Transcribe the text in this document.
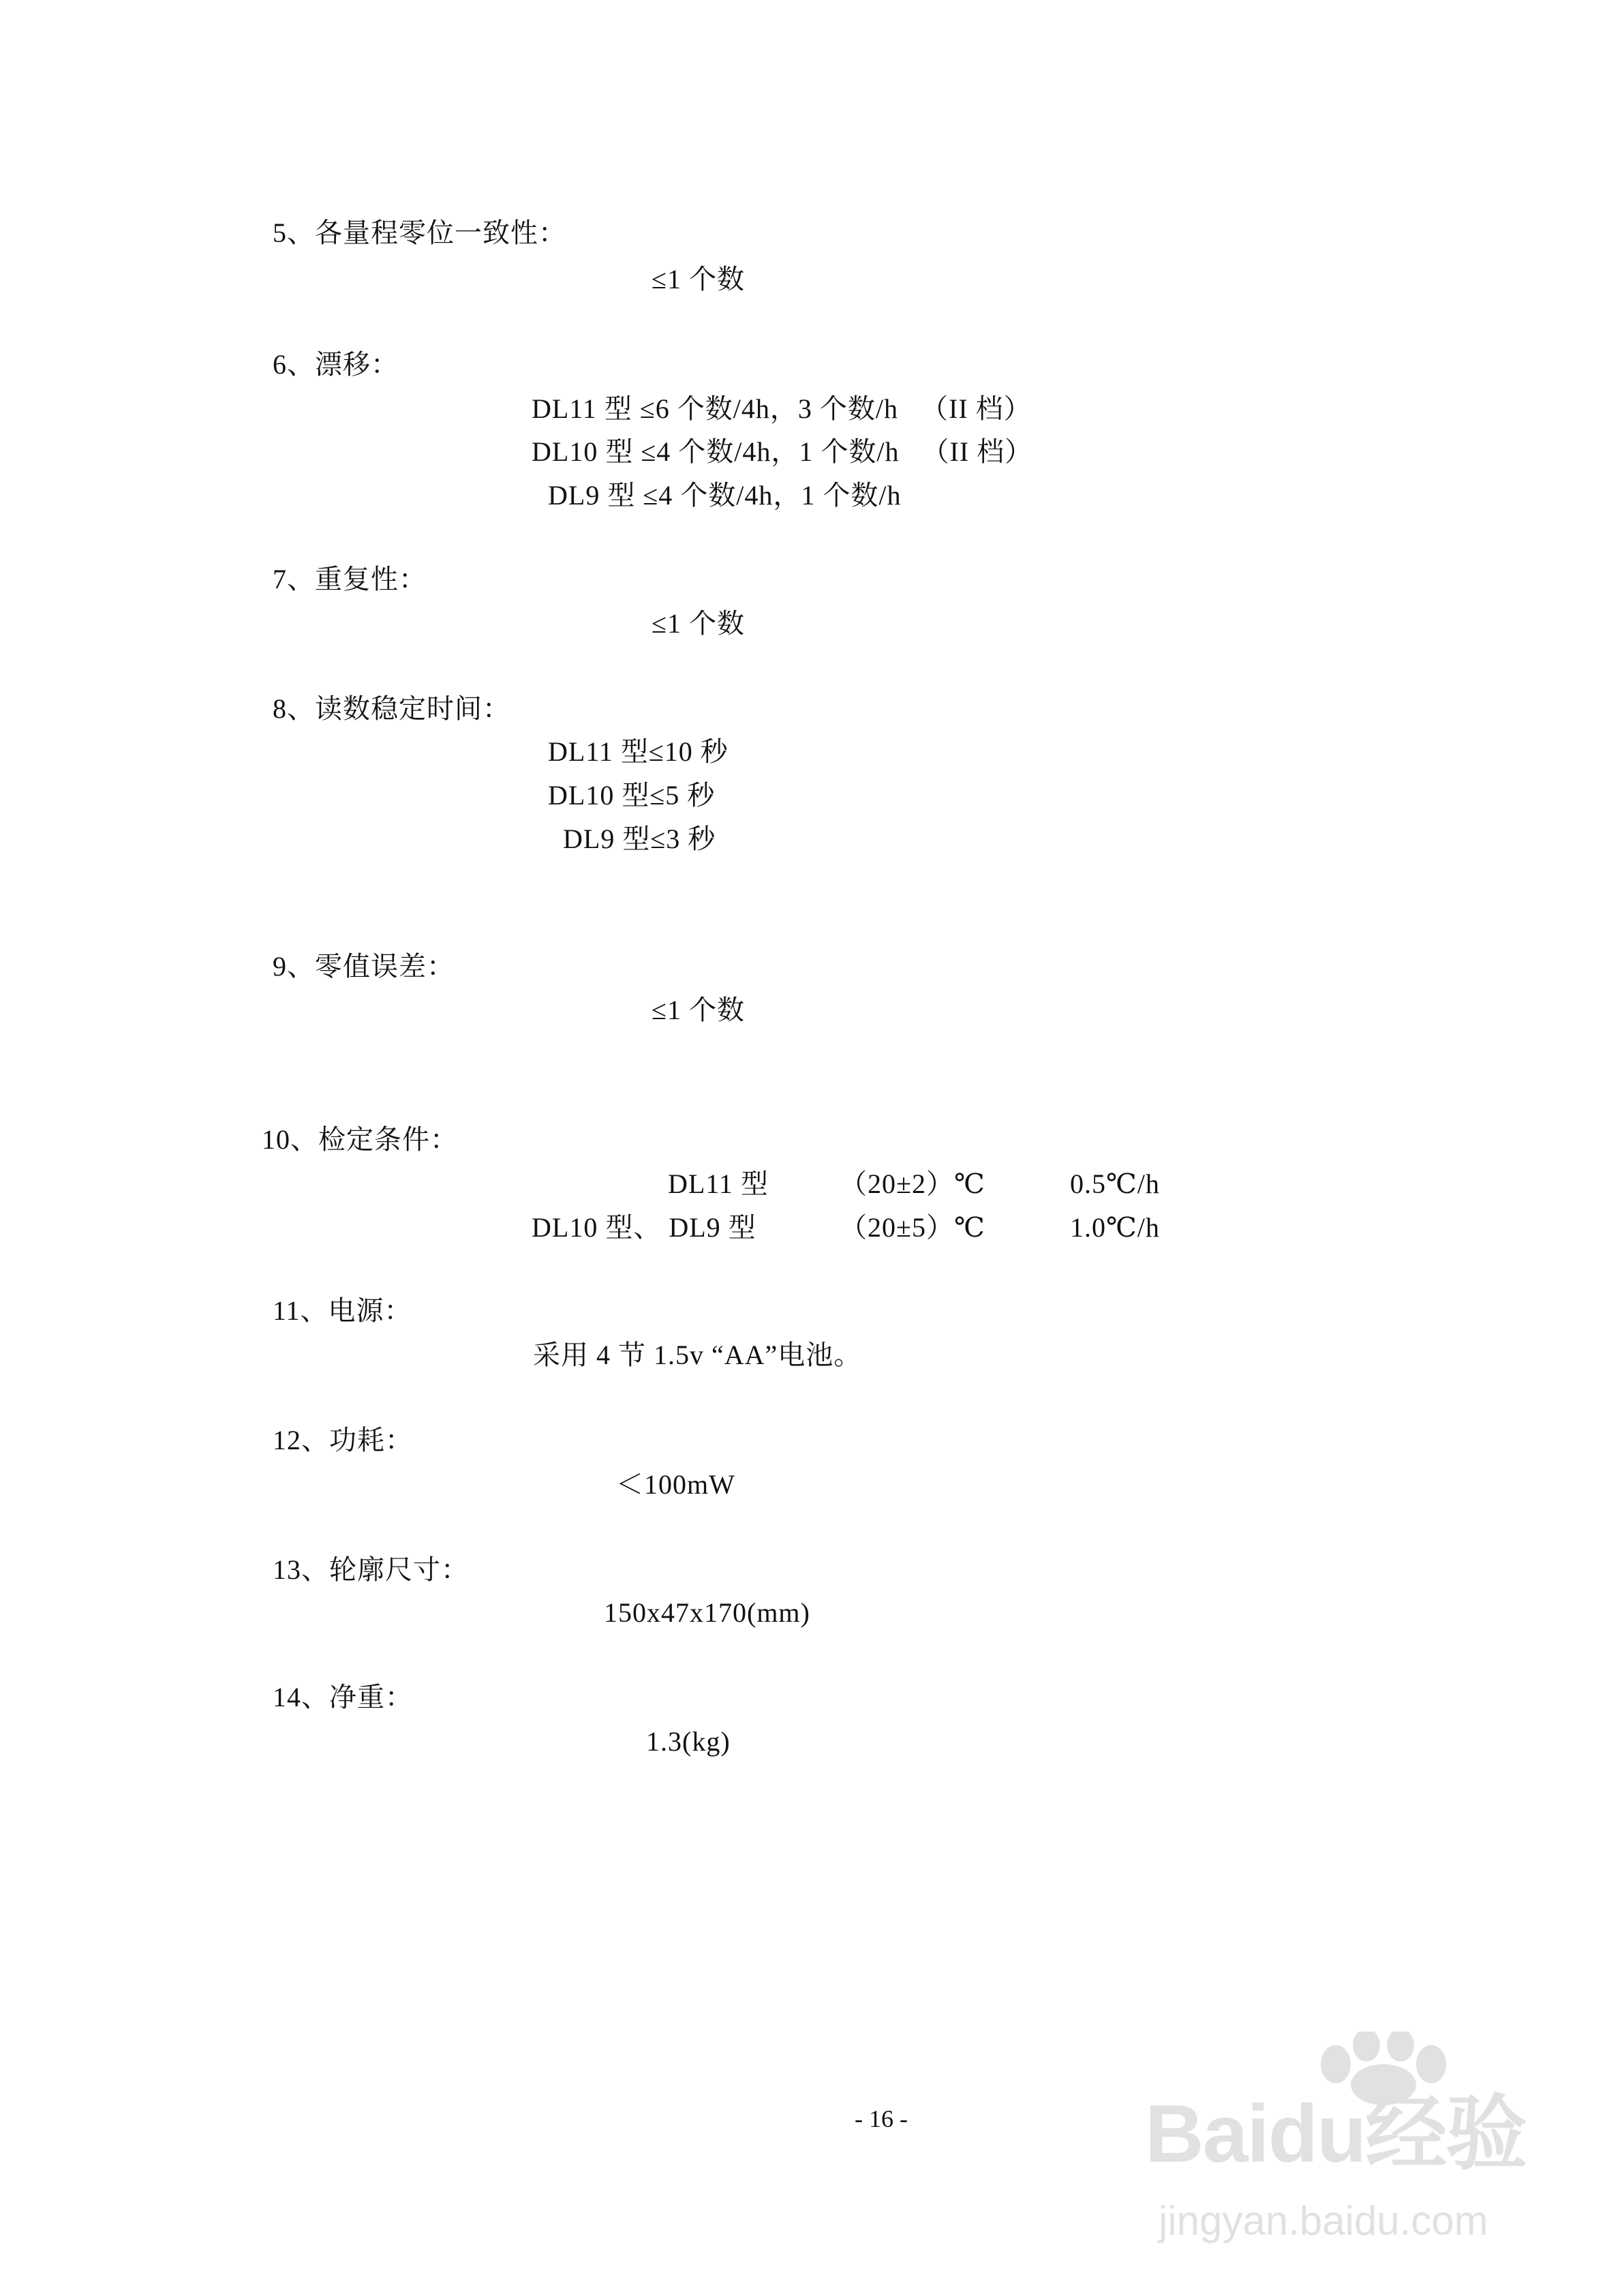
5、各量程零位一致性：
≤1 个数
6、漂移：
DL11 型 ≤6 个数/4h，3 个数/h   （II 档）
DL10 型 ≤4 个数/4h，1 个数/h   （II 档）
DL9 型 ≤4 个数/4h，1 个数/h
7、重复性：
≤1 个数
8、读数稳定时间：
DL11 型≤10 秒
DL10 型≤5 秒
DL9 型≤3 秒
9、零值误差：
≤1 个数
10、检定条件：
DL11 型	（20±2）℃	0.5℃/h
DL10 型、 DL9 型	（20±5）℃	1.0℃/h
11、电源：
采用 4 节 1.5v “AA”电池。
12、功耗：
＜100mW
13、轮廓尺寸：
150x47x170(mm)
14、净重：
1.3(kg)
- 16 -	Baidu经验
jingyan.baidu.com
